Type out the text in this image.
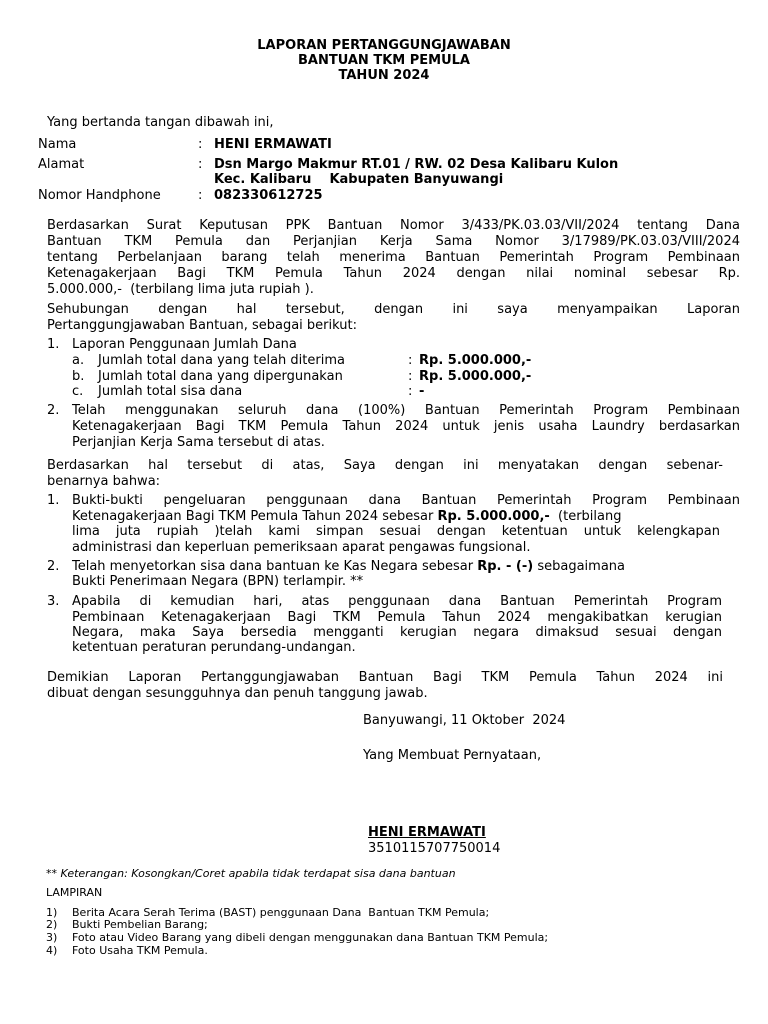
LAPORAN PERTANGGUNGJAWABAN
BANTUAN TKM PEMULA
TAHUN 2024
Yang bertanda tangan dibawah ini,
Nama	: HENI ERMAWATI
Alamat	: Dsn Margo Makmur RT.01 / RW. 02 Desa Kalibaru Kulon
Kec. Kalibaru    Kabupaten Banyuwangi
Nomor Handphone	: 082330612725
Berdasarkan Surat Keputusan PPK Bantuan Nomor 3/433/PK.03.03/VII/2024 tentang Dana
Bantuan TKM Pemula dan Perjanjian Kerja Sama Nomor 3/17989/PK.03.03/VIII/2024
tentang Perbelanjaan barang telah menerima Bantuan Pemerintah Program Pembinaan
Ketenagakerjaan Bagi TKM Pemula Tahun 2024 dengan nilai nominal sebesar Rp.
5.000.000,-  (terbilang lima juta rupiah ).
Sehubungan dengan hal tersebut, dengan ini saya menyampaikan Laporan
Pertanggungjawaban Bantuan, sebagai berikut:
1. Laporan Penggunaan Jumlah Dana
a. Jumlah total dana yang telah diterima	: Rp. 5.000.000,-
b. Jumlah total dana yang dipergunakan	: Rp. 5.000.000,-
c. Jumlah total sisa dana	: -
2. Telah menggunakan seluruh dana (100%) Bantuan Pemerintah Program Pembinaan
Ketenagakerjaan Bagi TKM Pemula Tahun 2024 untuk jenis usaha Laundry berdasarkan
Perjanjian Kerja Sama tersebut di atas.
Berdasarkan hal tersebut di atas, Saya dengan ini menyatakan dengan sebenar-
benarnya bahwa:
1. Bukti-bukti pengeluaran penggunaan dana Bantuan Pemerintah Program Pembinaan
Ketenagakerjaan Bagi TKM Pemula Tahun 2024 sebesar Rp. 5.000.000,-  (terbilang
lima juta rupiah )telah kami simpan sesuai dengan ketentuan untuk kelengkapan
administrasi dan keperluan pemeriksaan aparat pengawas fungsional.
2. Telah menyetorkan sisa dana bantuan ke Kas Negara sebesar Rp. - (-) sebagaimana
Bukti Penerimaan Negara (BPN) terlampir. **
3. Apabila di kemudian hari, atas penggunaan dana Bantuan Pemerintah Program
Pembinaan Ketenagakerjaan Bagi TKM Pemula Tahun 2024 mengakibatkan kerugian
Negara, maka Saya bersedia mengganti kerugian negara dimaksud sesuai dengan
ketentuan peraturan perundang-undangan.
Demikian Laporan Pertanggungjawaban Bantuan Bagi TKM Pemula Tahun 2024 ini
dibuat dengan sesungguhnya dan penuh tanggung jawab.
Banyuwangi, 11 Oktober  2024
Yang Membuat Pernyataan,
HENI ERMAWATI
3510115707750014
** Keterangan: Kosongkan/Coret apabila tidak terdapat sisa dana bantuan
LAMPIRAN
1) Berita Acara Serah Terima (BAST) penggunaan Dana  Bantuan TKM Pemula;
2) Bukti Pembelian Barang;
3) Foto atau Video Barang yang dibeli dengan menggunakan dana Bantuan TKM Pemula;
4) Foto Usaha TKM Pemula.
